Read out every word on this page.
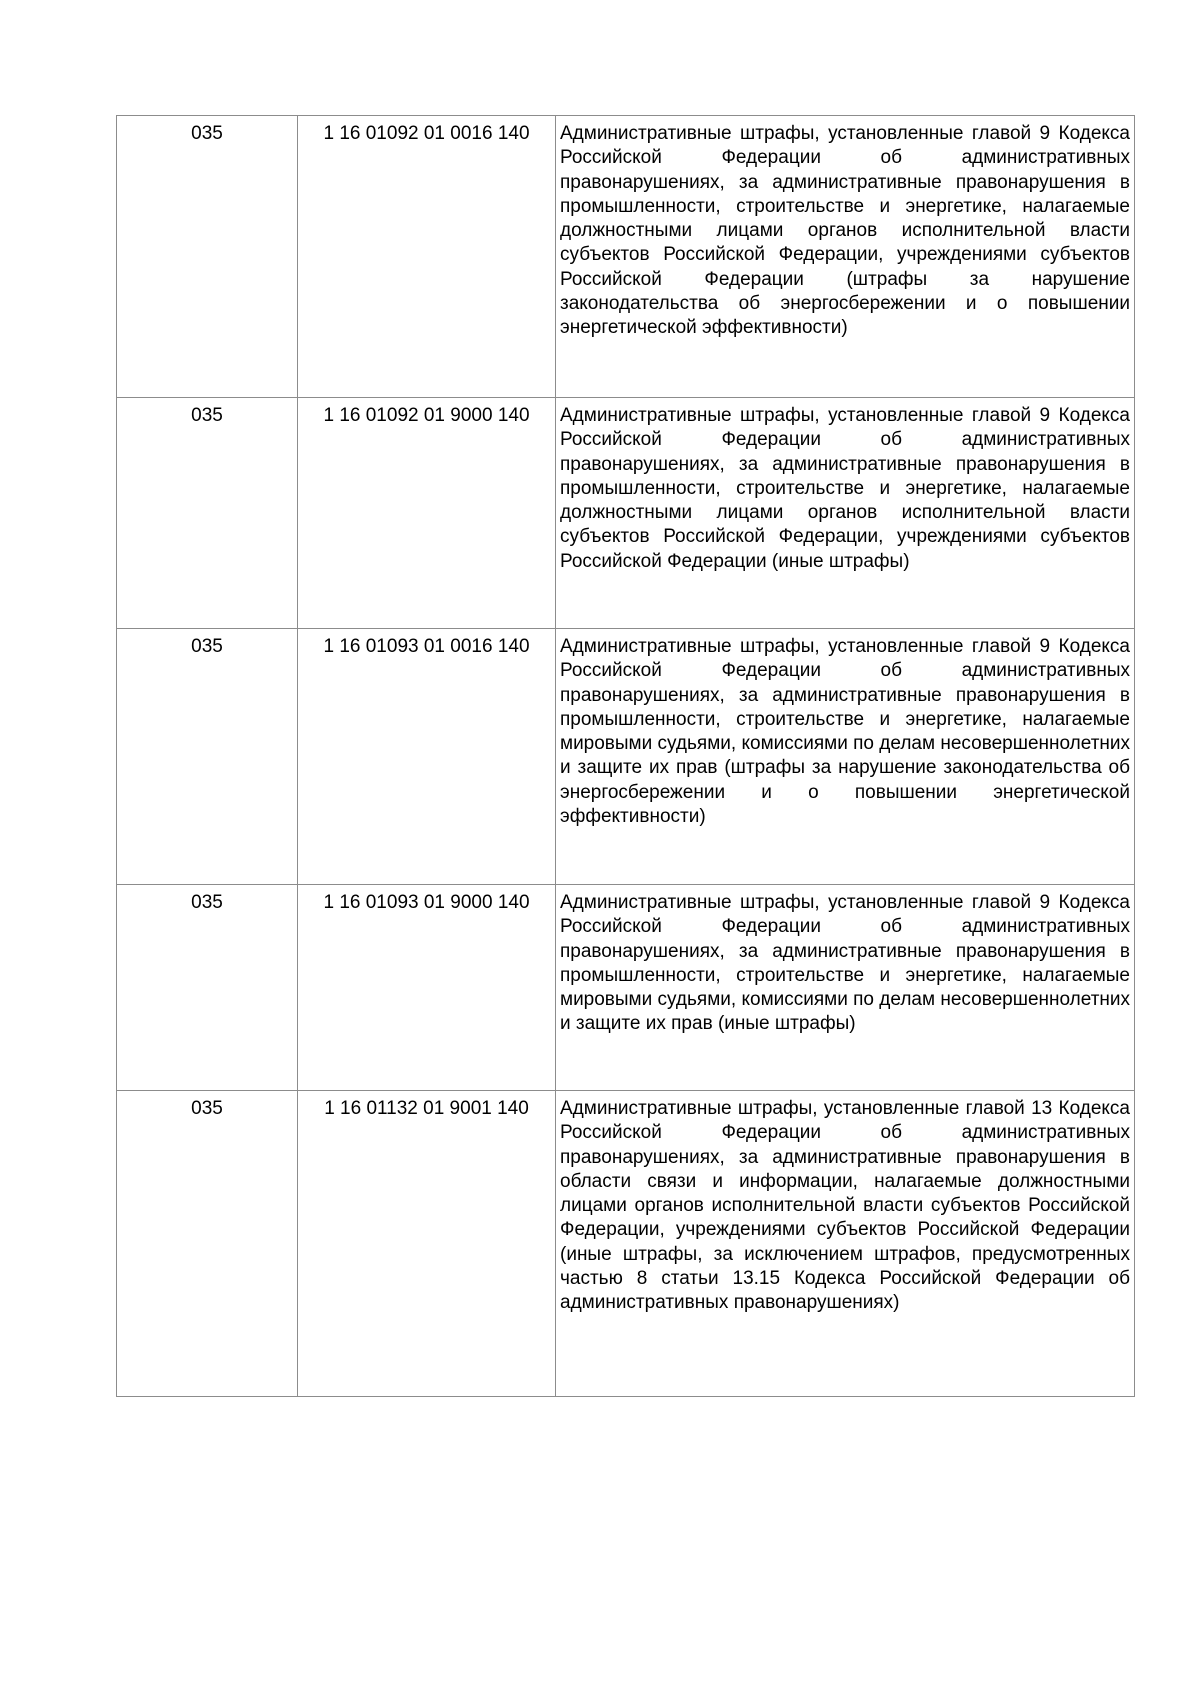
035	1 16 01092 01 0016 140	Административные штрафы, установленные главой 9 Кодекса Российской Федерации об административных правонарушениях, за административные правонарушения в промышленности, строительстве и энергетике, налагаемые должностными лицами органов исполнительной власти субъектов Российской Федерации, учреждениями субъектов Российской Федерации (штрафы за нарушение законодательства об энергосбережении и о повышении энергетической эффективности)
035	1 16 01092 01 9000 140	Административные штрафы, установленные главой 9 Кодекса Российской Федерации об административных правонарушениях, за административные правонарушения в промышленности, строительстве и энергетике, налагаемые должностными лицами органов исполнительной власти субъектов Российской Федерации, учреждениями субъектов Российской Федерации (иные штрафы)
035	1 16 01093 01 0016 140	Административные штрафы, установленные главой 9 Кодекса Российской Федерации об административных правонарушениях, за административные правонарушения в промышленности, строительстве и энергетике, налагаемые мировыми судьями, комиссиями по делам несовершеннолетних и защите их прав (штрафы за нарушение законодательства об энергосбережении и о повышении энергетической эффективности)
035	1 16 01093 01 9000 140	Административные штрафы, установленные главой 9 Кодекса Российской Федерации об административных правонарушениях, за административные правонарушения в промышленности, строительстве и энергетике, налагаемые мировыми судьями, комиссиями по делам несовершеннолетних и защите их прав (иные штрафы)
035	1 16 01132 01 9001 140	Административные штрафы, установленные главой 13 Кодекса Российской Федерации об административных правонарушениях, за административные правонарушения в области связи и информации, налагаемые должностными лицами органов исполнительной власти субъектов Российской Федерации, учреждениями субъектов Российской Федерации (иные штрафы, за исключением штрафов, предусмотренных частью 8 статьи 13.15 Кодекса Российской Федерации об административных правонарушениях)
